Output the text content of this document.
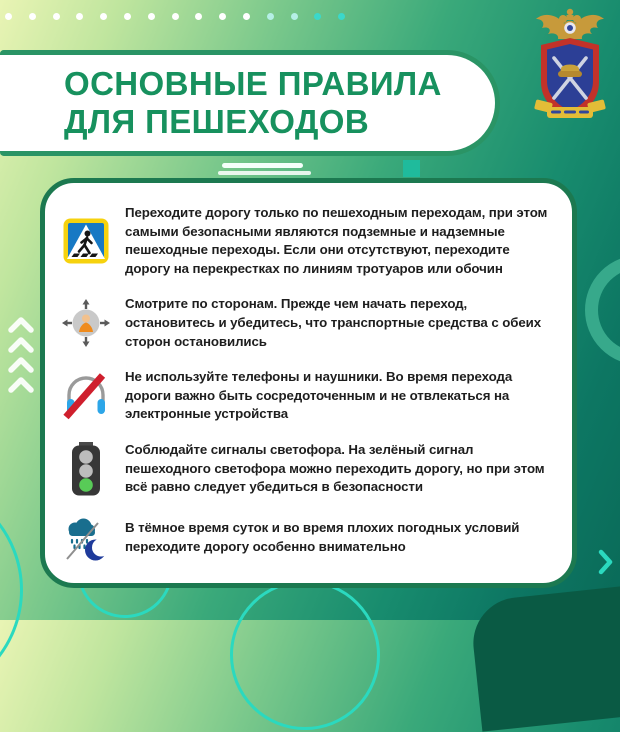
ОСНОВНЫЕ ПРАВИЛА
ДЛЯ ПЕШЕХОДОВ

Переходите дорогу только по пешеходным переходам, при этом самыми безопасными являются подземные и надземные пешеходные переходы. Если они отсутствуют, переходите дорогу на перекрестках по линиям тротуаров или обочин

Смотрите по сторонам. Прежде чем начать переход, остановитесь и убедитесь, что транспортные средства с обеих сторон остановились

Не используйте телефоны и наушники. Во время перехода дороги важно быть сосредоточенным и не отвлекаться на электронные устройства

Соблюдайте сигналы светофора. На зелёный сигнал пешеходного светофора можно переходить дорогу, но при этом всё равно следует убедиться в безопасности

В тёмное время суток и во время плохих погодных условий переходите дорогу особенно внимательно
